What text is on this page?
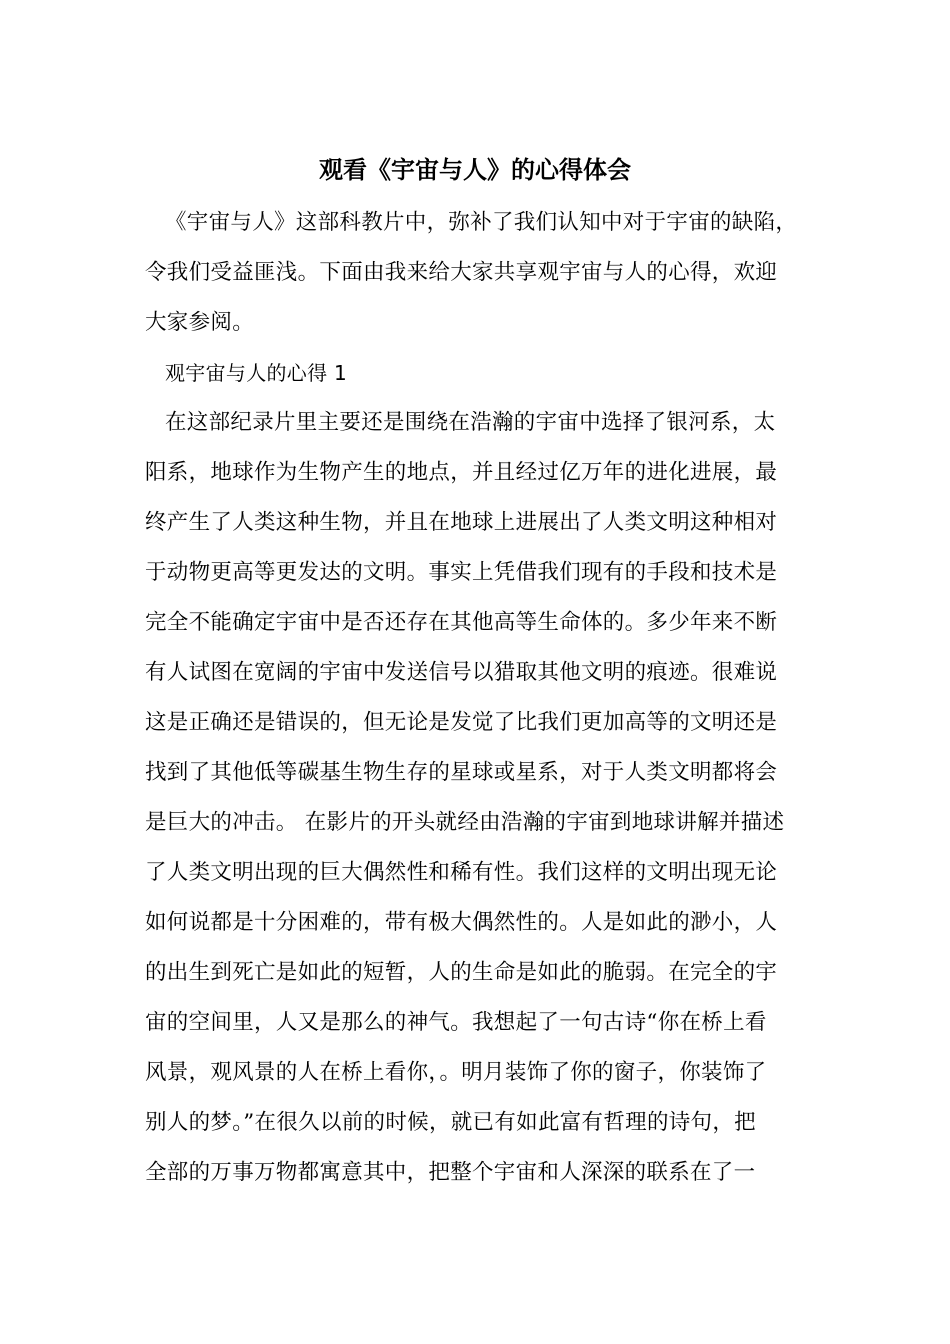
观看《宇宙与人》的心得体会
《宇宙与人》这部科教片中，弥补了我们认知中对于宇宙的缺陷，
令我们受益匪浅。下面由我来给大家共享观宇宙与人的心得，欢迎
大家参阅。
观宇宙与人的心得 1
在这部纪录片里主要还是围绕在浩瀚的宇宙中选择了银河系，太
阳系，地球作为生物产生的地点，并且经过亿万年的进化进展，最
终产生了人类这种生物，并且在地球上进展出了人类文明这种相对
于动物更高等更发达的文明。事实上凭借我们现有的手段和技术是
完全不能确定宇宙中是否还存在其他高等生命体的。多少年来不断
有人试图在宽阔的宇宙中发送信号以猎取其他文明的痕迹。很难说
这是正确还是错误的，但无论是发觉了比我们更加高等的文明还是
找到了其他低等碳基生物生存的星球或星系，对于人类文明都将会
是巨大的冲击。 在影片的开头就经由浩瀚的宇宙到地球讲解并描述
了人类文明出现的巨大偶然性和稀有性。我们这样的文明出现无论
如何说都是十分困难的，带有极大偶然性的。人是如此的渺小，人
的出生到死亡是如此的短暂，人的生命是如此的脆弱。在完全的宇
宙的空间里，人又是那么的神气。我想起了一句古诗“你在桥上看
风景，观风景的人在桥上看你，。明月装饰了你的窗子，你装饰了
别人的梦。”在很久以前的时候，就已有如此富有哲理的诗句，把
全部的万事万物都寓意其中，把整个宇宙和人深深的联系在了一
